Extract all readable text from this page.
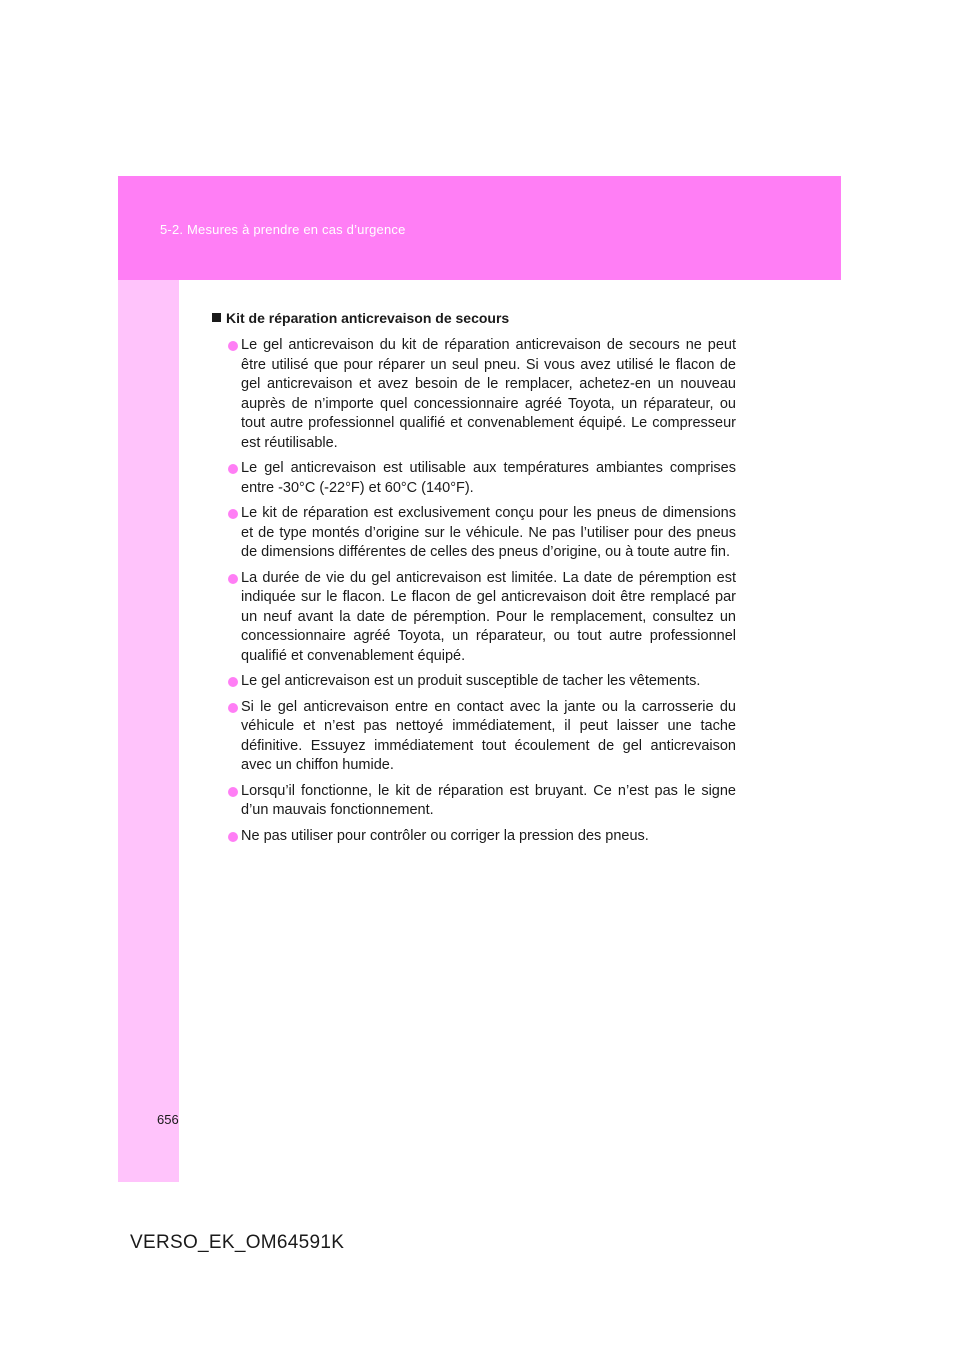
5-2. Mesures à prendre en cas d’urgence
Kit de réparation anticrevaison de secours
Le gel anticrevaison du kit de réparation anticrevaison de secours ne peut être utilisé que pour réparer un seul pneu. Si vous avez utilisé le flacon de gel anticrevaison et avez besoin de le remplacer, achetez-en un nouveau auprès de n’importe quel concessionnaire agréé Toyota, un réparateur, ou tout autre professionnel qualifié et convenablement équipé. Le compresseur est réutilisable.
Le gel anticrevaison est utilisable aux températures ambiantes comprises entre -30°C (-22°F) et 60°C (140°F).
Le kit de réparation est exclusivement conçu pour les pneus de dimensions et de type montés d’origine sur le véhicule. Ne pas l’utiliser pour des pneus de dimensions différentes de celles des pneus d’origine, ou à toute autre fin.
La durée de vie du gel anticrevaison est limitée. La date de péremption est indiquée sur le flacon. Le flacon de gel anticrevaison doit être remplacé par un neuf avant la date de péremption. Pour le remplacement, consultez un concessionnaire agréé Toyota, un réparateur, ou tout autre professionnel qualifié et convenablement équipé.
Le gel anticrevaison est un produit susceptible de tacher les vêtements.
Si le gel anticrevaison entre en contact avec la jante ou la carrosserie du véhicule et n’est pas nettoyé immédiatement, il peut laisser une tache définitive. Essuyez immédiatement tout écoulement de gel anticrevaison avec un chiffon humide.
Lorsqu’il fonctionne, le kit de réparation est bruyant. Ce n’est pas le signe d’un mauvais fonctionnement.
Ne pas utiliser pour contrôler ou corriger la pression des pneus.
656
VERSO_EK_OM64591K
